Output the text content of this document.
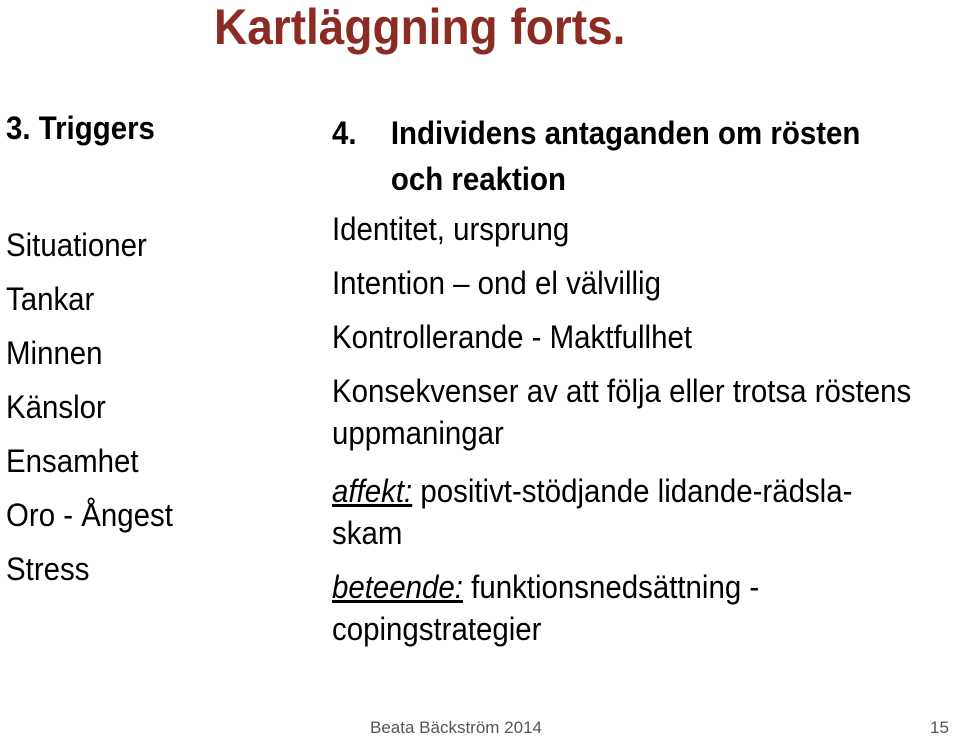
Kartläggning forts.
3. Triggers
Situationer
Tankar
Minnen
Känslor
Ensamhet
Oro - Ångest
Stress
4. Individens antaganden om rösten
och reaktion
Identitet, ursprung
Intention – ond el välvillig
Kontrollerande - Maktfullhet
Konsekvenser av att följa eller trotsa röstens uppmaningar
affekt: positivt-stödjande lidande-rädsla-skam
beteende: funktionsnedsättning - copingstrategier
Beata Bäckström 2014	15
